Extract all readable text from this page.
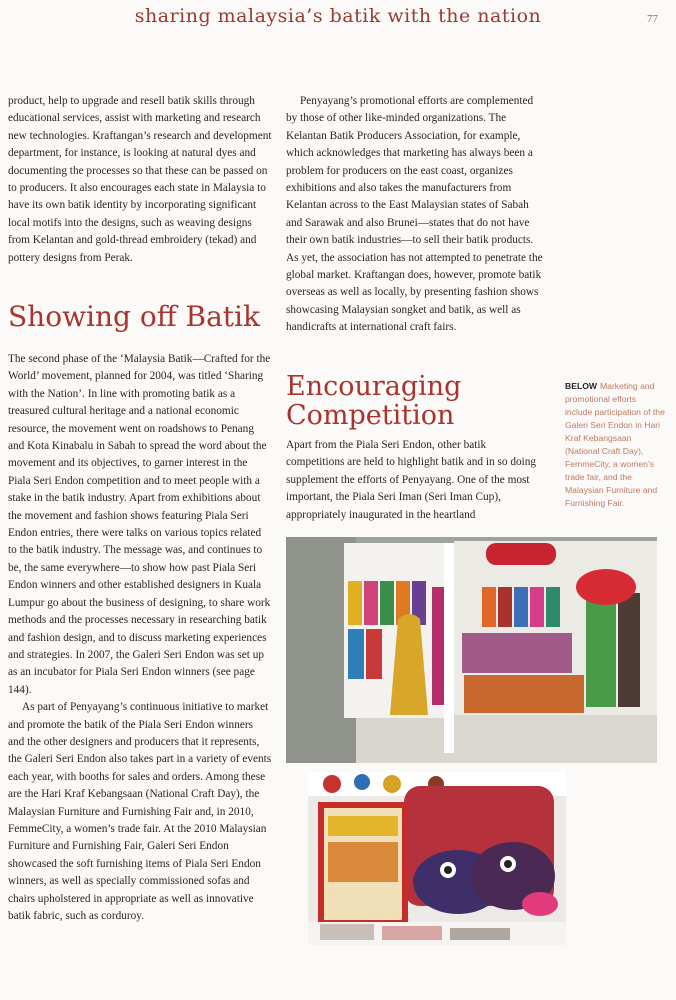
sharing malaysia’s batik with the nation	77

product, help to upgrade and resell batik skills through educational services, assist with marketing and research new technologies. Kraftangan’s research and development department, for instance, is looking at natural dyes and documenting the processes so that these can be passed on to producers. It also encourages each state in Malaysia to have its own batik identity by incorporating significant local motifs into the designs, such as weaving designs from Kelantan and gold-thread embroidery (tekad) and pottery designs from Perak.

Showing off Batik

The second phase of the ‘Malaysia Batik—Crafted for the World’ movement, planned for 2004, was titled ‘Sharing with the Nation’. In line with promoting batik as a treasured cultural heritage and a national economic resource, the movement went on roadshows to Penang and Kota Kinabalu in Sabah to spread the word about the movement and its objectives, to garner interest in the Piala Seri Endon competition and to meet people with a stake in the batik industry. Apart from exhibitions about the movement and fashion shows featuring Piala Seri Endon entries, there were talks on various topics related to the batik industry. The message was, and continues to be, the same everywhere—to show how past Piala Seri Endon winners and other established designers in Kuala Lumpur go about the business of designing, to share work methods and the processes necessary in researching batik and fashion design, and to discuss marketing experiences and strategies. In 2007, the Galeri Seri Endon was set up as an incubator for Piala Seri Endon winners (see page 144).

As part of Penyayang’s continuous initiative to market and promote the batik of the Piala Seri Endon winners and the other designers and producers that it represents, the Galeri Seri Endon also takes part in a variety of events each year, with booths for sales and orders. Among these are the Hari Kraf Kebangsaan (National Craft Day), the Malaysian Furniture and Furnishing Fair and, in 2010, FemmeCity, a women’s trade fair. At the 2010 Malaysian Furniture and Furnishing Fair, Galeri Seri Endon showcased the soft furnishing items of Piala Seri Endon winners, as well as specially commissioned sofas and chairs upholstered in appropriate as well as innovative batik fabric, such as corduroy.

Penyayang’s promotional efforts are complemented by those of other like-minded organizations. The Kelantan Batik Producers Association, for example, which acknowledges that marketing has always been a problem for producers on the east coast, organizes exhibitions and also takes the manufacturers from Kelantan across to the East Malaysian states of Sabah and Sarawak and also Brunei—states that do not have their own batik industries—to sell their batik products. As yet, the association has not attempted to penetrate the global market. Kraftangan does, however, promote batik overseas as well as locally, by presenting fashion shows showcasing Malaysian songket and batik, as well as handicrafts at international craft fairs.

Encouraging Competition

Apart from the Piala Seri Endon, other batik competitions are held to highlight batik and in so doing supplement the efforts of Penyayang. One of the most important, the Piala Seri Iman (Seri Iman Cup), appropriately inaugurated in the heartland

BELOW Marketing and promotional efforts include participation of the Galeri Seri Endon in Hari Kraf Kebangsaan (National Craft Day), FemmeCity, a women’s trade fair, and the Malaysian Furniture and Furnishing Fair.
